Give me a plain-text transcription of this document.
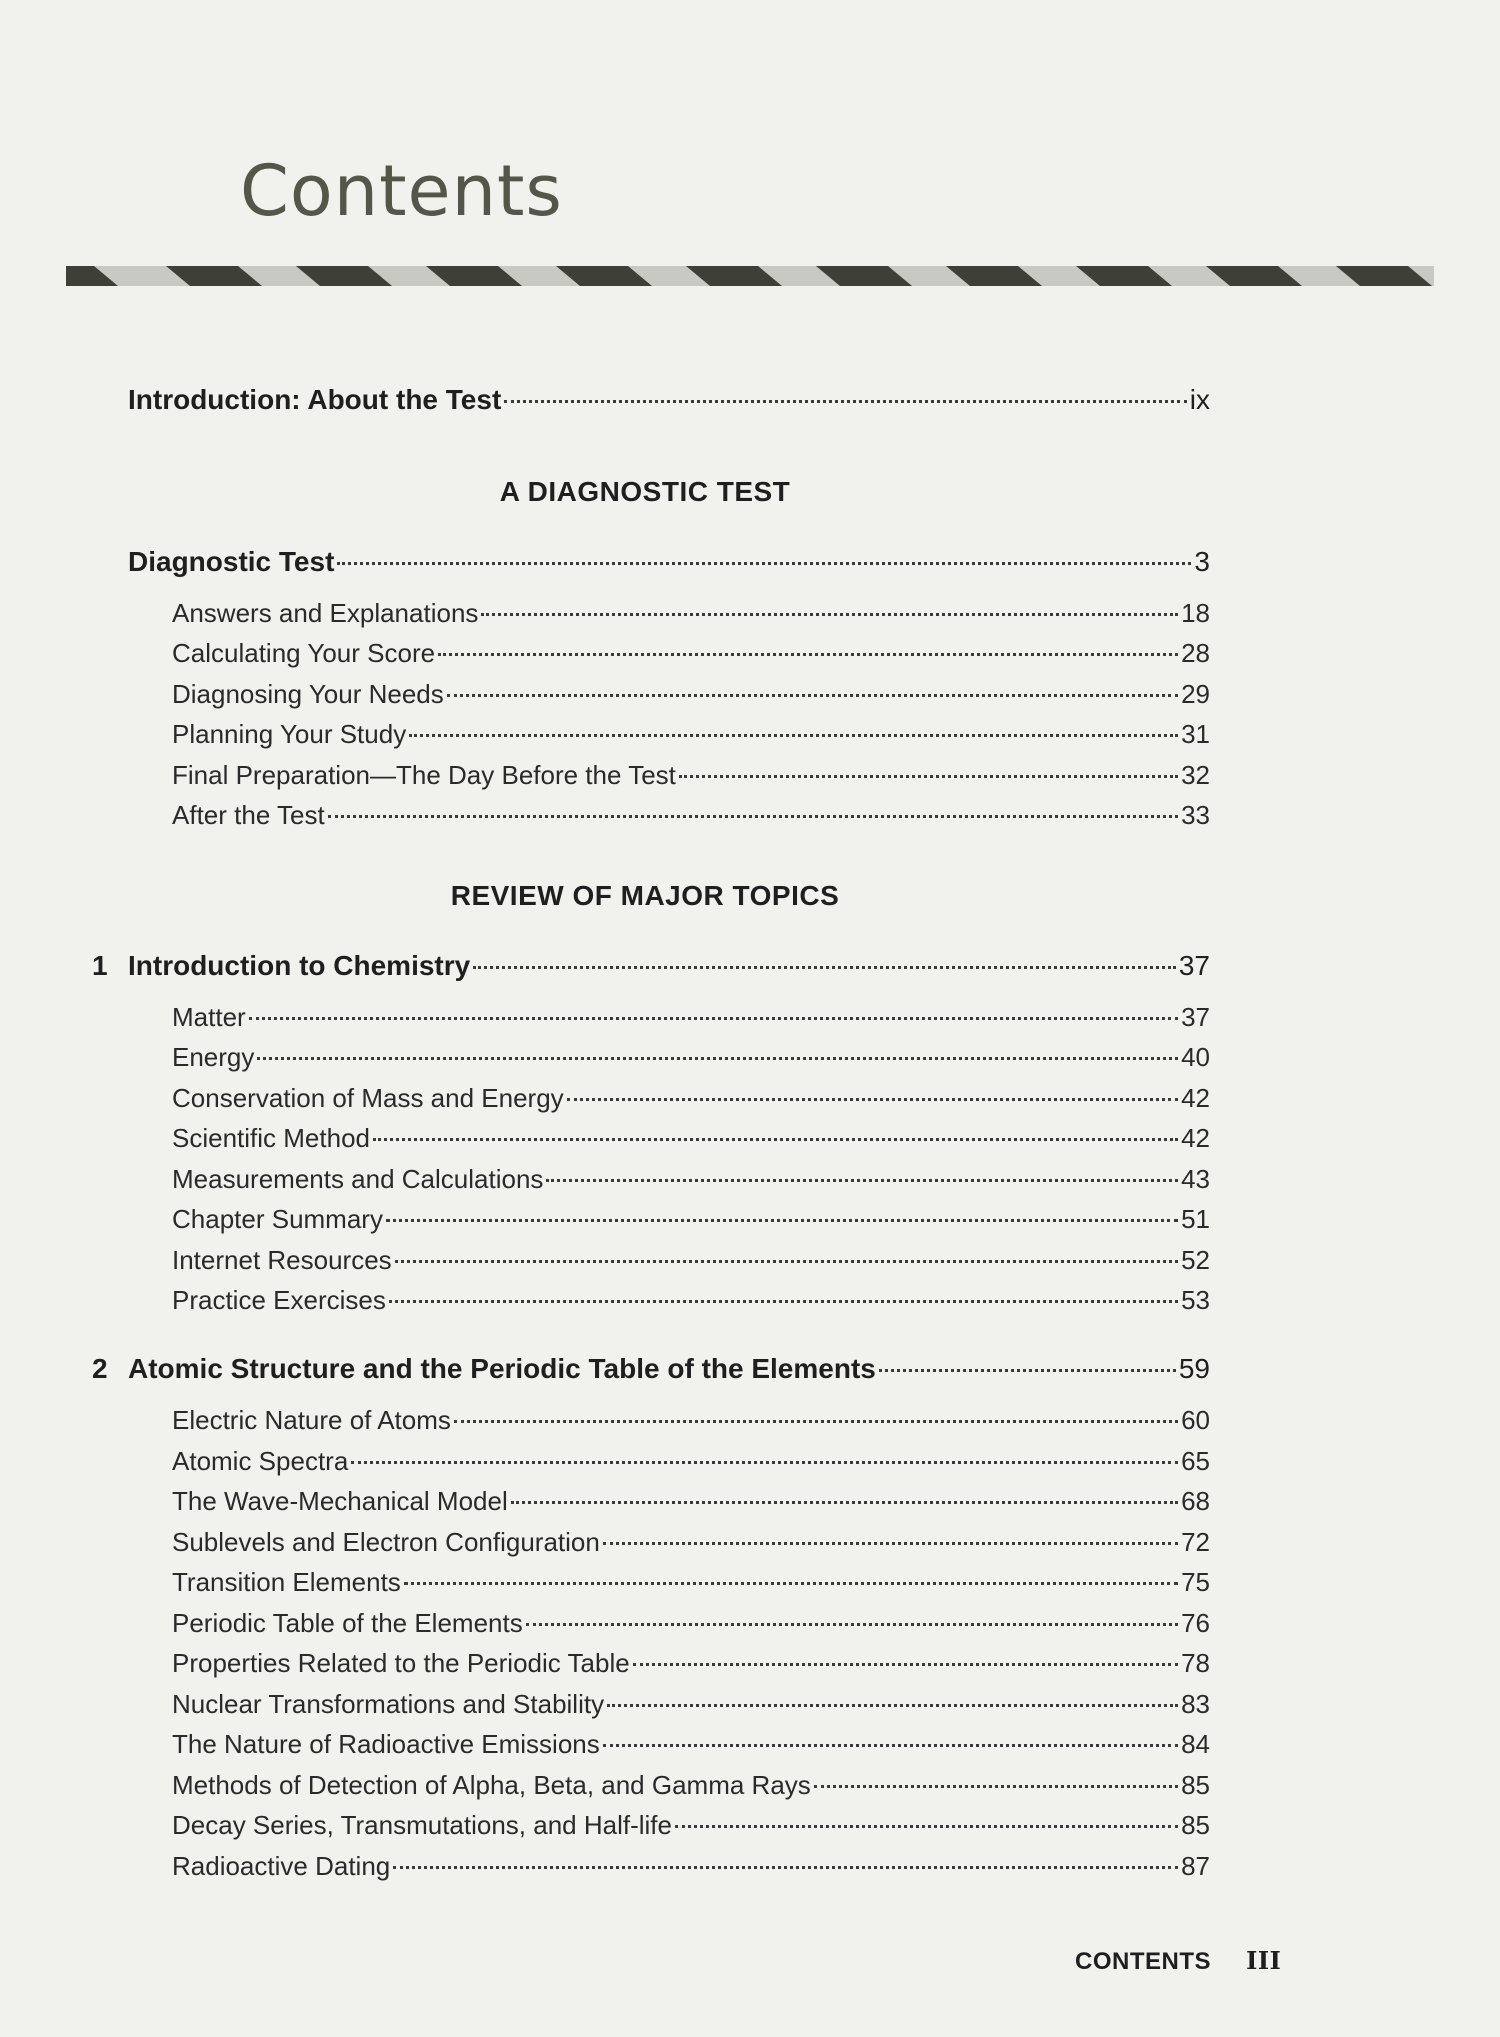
Contents
Introduction: About the Test	ix
A DIAGNOSTIC TEST
Diagnostic Test	3
Answers and Explanations	18
Calculating Your Score	28
Diagnosing Your Needs	29
Planning Your Study	31
Final Preparation—The Day Before the Test	32
After the Test	33
REVIEW OF MAJOR TOPICS
1 Introduction to Chemistry	37
Matter	37
Energy	40
Conservation of Mass and Energy	42
Scientific Method	42
Measurements and Calculations	43
Chapter Summary	51
Internet Resources	52
Practice Exercises	53
2 Atomic Structure and the Periodic Table of the Elements	59
Electric Nature of Atoms	60
Atomic Spectra	65
The Wave-Mechanical Model	68
Sublevels and Electron Configuration	72
Transition Elements	75
Periodic Table of the Elements	76
Properties Related to the Periodic Table	78
Nuclear Transformations and Stability	83
The Nature of Radioactive Emissions	84
Methods of Detection of Alpha, Beta, and Gamma Rays	85
Decay Series, Transmutations, and Half-life	85
Radioactive Dating	87
CONTENTS III
